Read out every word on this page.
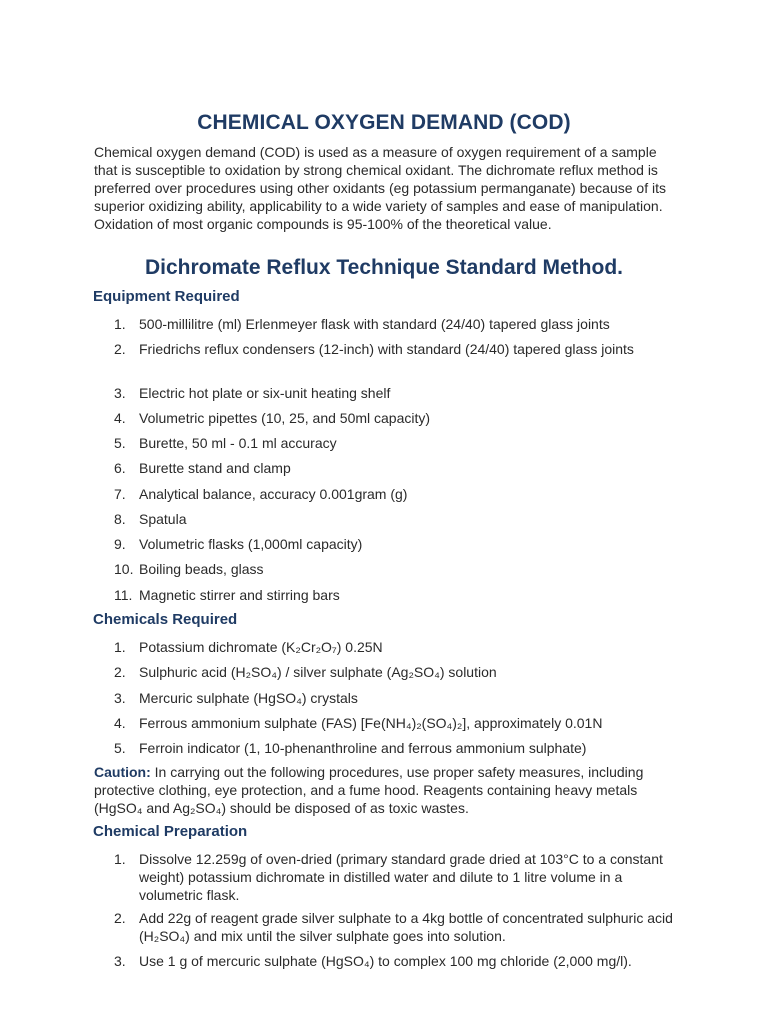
CHEMICAL OXYGEN DEMAND (COD)

Chemical oxygen demand (COD) is used as a measure of oxygen requirement of a sample that is susceptible to oxidation by strong chemical oxidant. The dichromate reflux method is preferred over procedures using other oxidants (eg potassium permanganate) because of its superior oxidizing ability, applicability to a wide variety of samples and ease of manipulation. Oxidation of most organic compounds is 95-100% of the theoretical value.

Dichromate Reflux Technique Standard Method.
Equipment Required
1. 500-millilitre (ml) Erlenmeyer flask with standard (24/40) tapered glass joints
2. Friedrichs reflux condensers (12-inch) with standard (24/40) tapered glass joints
3. Electric hot plate or six-unit heating shelf
4. Volumetric pipettes (10, 25, and 50ml capacity)
5. Burette, 50 ml - 0.1 ml accuracy
6. Burette stand and clamp
7. Analytical balance, accuracy 0.001gram (g)
8. Spatula
9. Volumetric flasks (1,000ml capacity)
10. Boiling beads, glass
11. Magnetic stirrer and stirring bars
Chemicals Required
1. Potassium dichromate (K₂Cr₂O₇) 0.25N
2. Sulphuric acid (H₂SO₄) / silver sulphate (Ag₂SO₄) solution
3. Mercuric sulphate (HgSO₄) crystals
4. Ferrous ammonium sulphate (FAS) [Fe(NH₄)₂(SO₄)₂], approximately 0.01N
5. Ferroin indicator (1, 10-phenanthroline and ferrous ammonium sulphate)

Caution: In carrying out the following procedures, use proper safety measures, including protective clothing, eye protection, and a fume hood. Reagents containing heavy metals (HgSO₄ and Ag₂SO₄) should be disposed of as toxic wastes.

Chemical Preparation
1. Dissolve 12.259g of oven-dried (primary standard grade dried at 103°C to a constant weight) potassium dichromate in distilled water and dilute to 1 litre volume in a volumetric flask.
2. Add 22g of reagent grade silver sulphate to a 4kg bottle of concentrated sulphuric acid (H₂SO₄) and mix until the silver sulphate goes into solution.
3. Use 1 g of mercuric sulphate (HgSO₄) to complex 100 mg chloride (2,000 mg/l).
